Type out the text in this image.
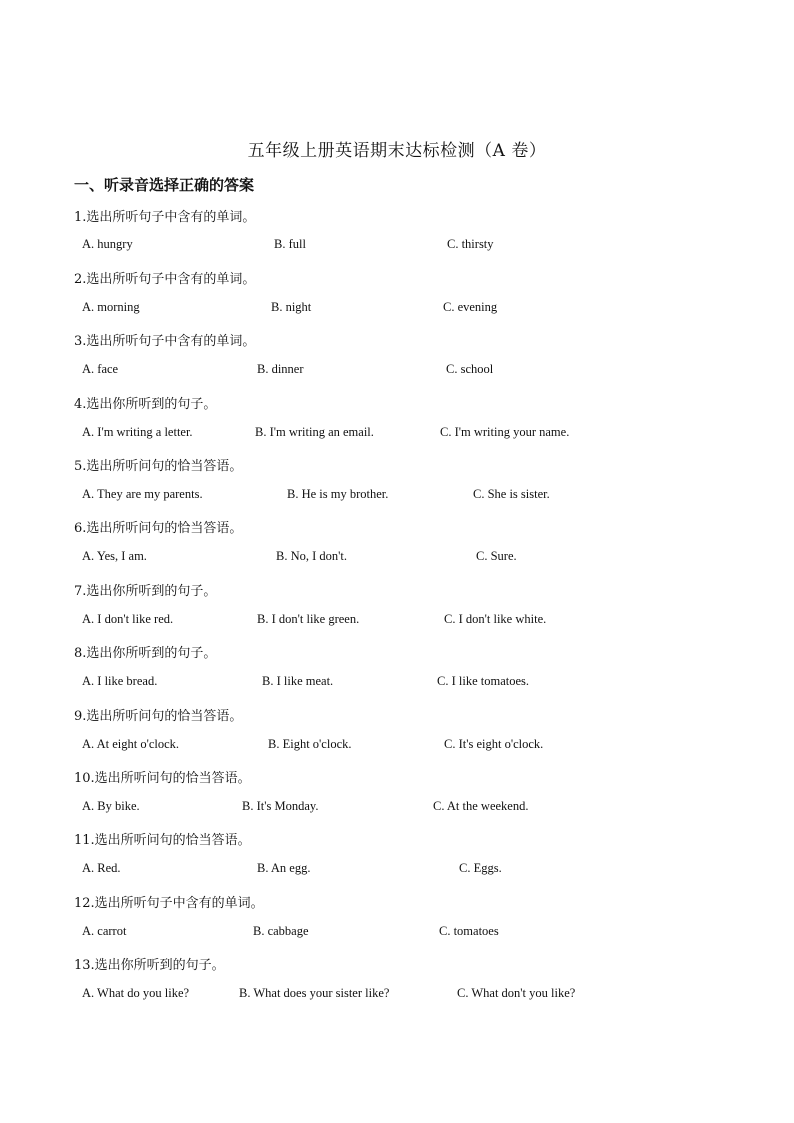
五年级上册英语期末达标检测（A 卷）
一、听录音选择正确的答案
1.选出所听句子中含有的单词。
A. hungry	B. full	C. thirsty
2.选出所听句子中含有的单词。
A. morning	B. night	C. evening
3.选出所听句子中含有的单词。
A. face	B. dinner	C. school
4.选出你所听到的句子。
A. I'm writing a letter.	B. I'm writing an email.	C. I'm writing your name.
5.选出所听问句的恰当答语。
A. They are my parents.	B. He is my brother.	C. She is sister.
6.选出所听问句的恰当答语。
A. Yes, I am.	B. No, I don't.	C. Sure.
7.选出你所听到的句子。
A. I don't like red.	B. I don't like green.	C. I don't like white.
8.选出你所听到的句子。
A. I like bread.	B. I like meat.	C. I like tomatoes.
9.选出所听问句的恰当答语。
A. At eight o'clock.	B. Eight o'clock.	C. It's eight o'clock.
10.选出所听问句的恰当答语。
A. By bike.	B. It's Monday.	C. At the weekend.
11.选出所听问句的恰当答语。
A. Red.	B. An egg.	C. Eggs.
12.选出所听句子中含有的单词。
A. carrot	B. cabbage	C. tomatoes
13.选出你所听到的句子。
A. What do you like?	B. What does your sister like?	C. What don't you like?
